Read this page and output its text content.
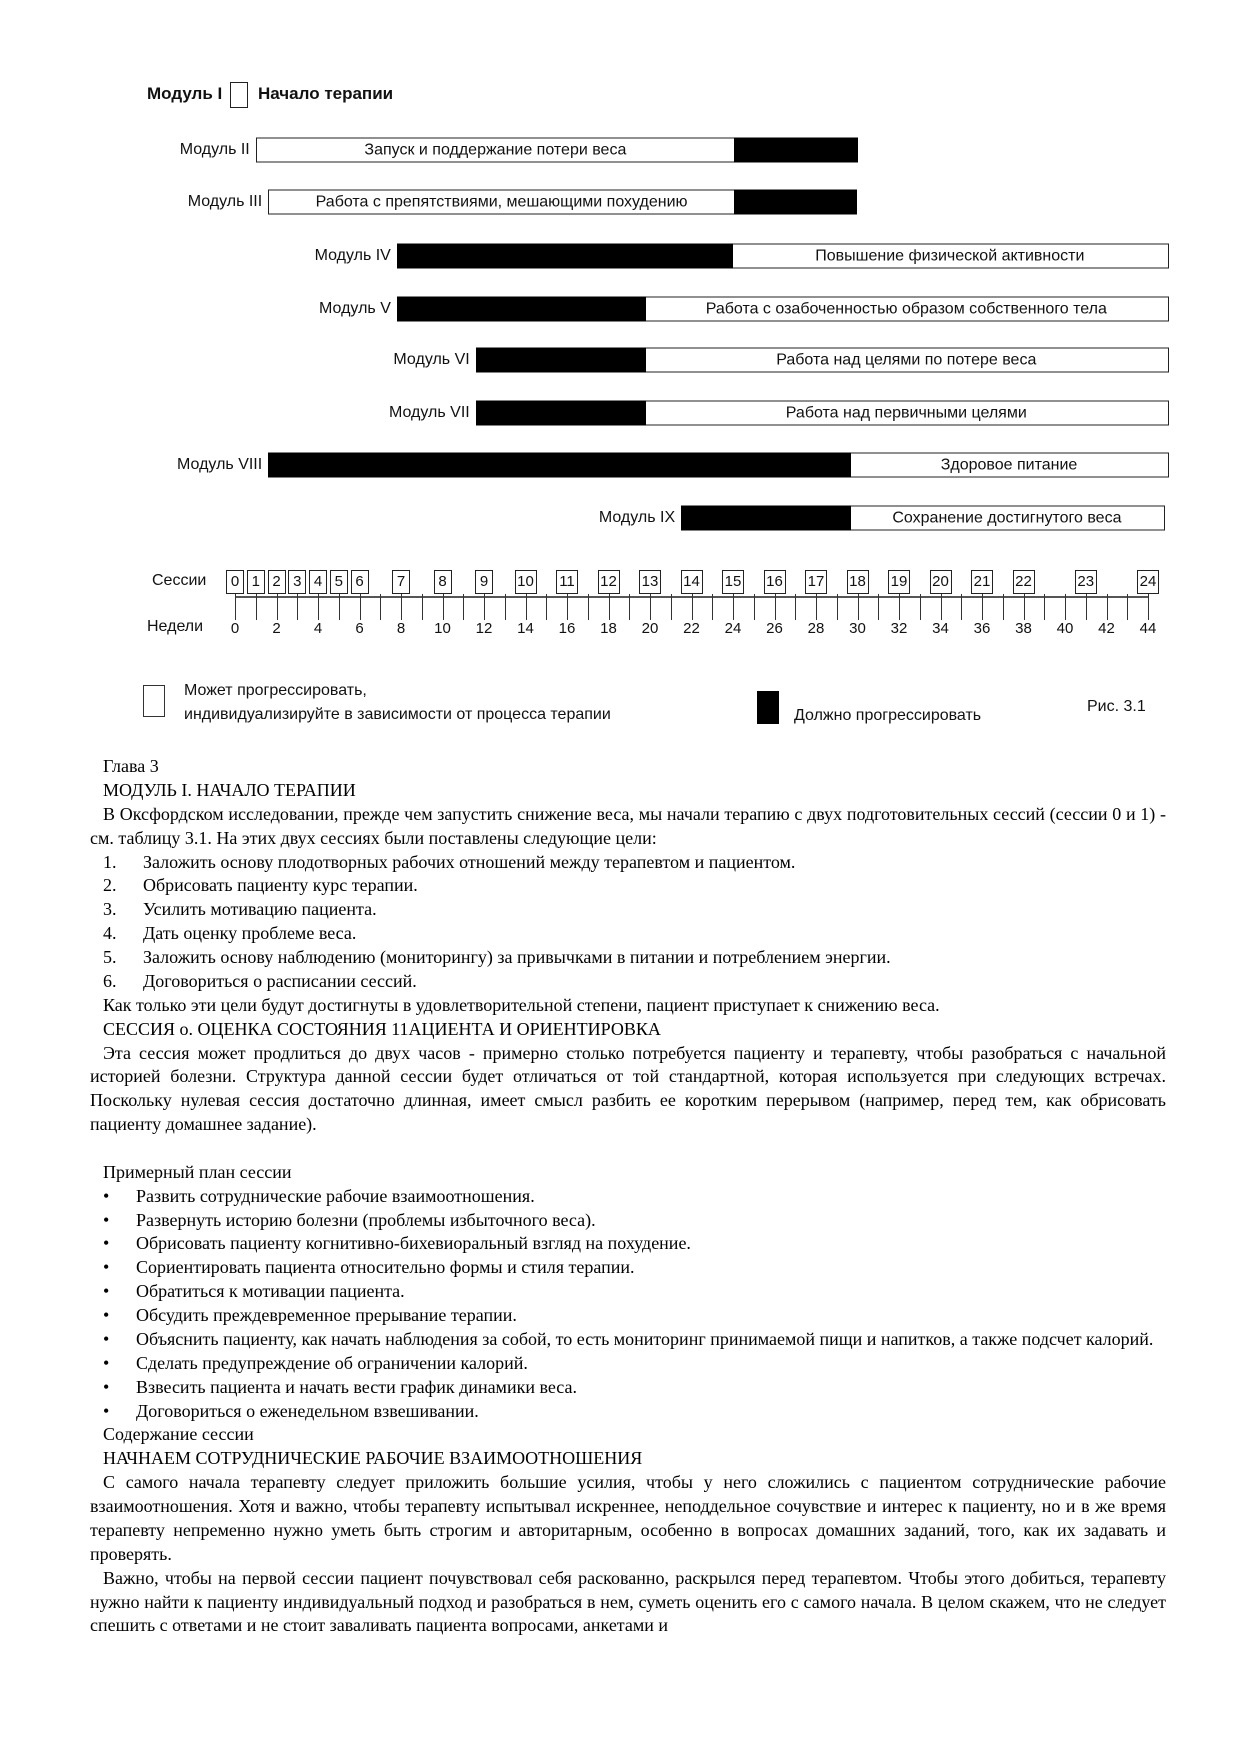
Модуль I Начало терапии
Модуль II	Запуск и поддержание потери веса
Модуль III	Работа с препятствиями, мешающими похудению
Модуль IV	Повышение физической активности
Модуль V	Работа с озабоченностью образом собственного тела
Модуль VI	Работа над целями по потере веса
Модуль VII	Работа над первичными целями
Модуль VIII	Здоровое питание
Модуль IX	Сохранение достигнутого веса
Сессии
Недели
0 1 2 3 4 5 6	7	8	9	10 11 12 13 14 15 16 17 18 19 20 21 22	23	24
0 2 4 6 8 10 12 14 16 18 20 22 24 26 28 30 32 34 36 38 40 42 44
Может прогрессировать,
индивидуализируйте в зависимости от процесса терапии	Должно прогрессировать
Рис. 3.1

Глава 3

МОДУЛЬ I. НАЧАЛО ТЕРАПИИ

В Оксфордском исследовании, прежде чем запустить снижение веса, мы начали терапию с двух подготовительных сессий (сессии 0 и 1) - см. таблицу 3.1. На этих двух сессиях были поставлены следующие цели:

1. Заложить основу плодотворных рабочих отношений между терапевтом и пациентом.

2. Обрисовать пациенту курс терапии.

3. Усилить мотивацию пациента.

4. Дать оценку проблеме веса.

5. Заложить основу наблюдению (мониторингу) за привычками в питании и потреблением энергии.

6. Договориться о расписании сессий.

Как только эти цели будут достигнуты в удовлетворительной степени, пациент приступает к снижению веса.

СЕССИЯ о. ОЦЕНКА СОСТОЯНИЯ 11АЦИЕНТА И ОРИЕНТИРОВКА

Эта сессия может продлиться до двух часов - примерно столько потребуется пациенту и терапевту, чтобы разобраться с начальной историей болезни. Структура данной сессии будет отличаться от той стандартной, которая используется при следующих встречах. Поскольку нулевая сессия достаточно длинная, имеет смысл разбить ее коротким перерывом (например, перед тем, как обрисовать пациенту домашнее задание).

Примерный план сессии

• Развить сотруднические рабочие взаимоотношения.

• Развернуть историю болезни (проблемы избыточного веса).

• Обрисовать пациенту когнитивно-бихевиоральный взгляд на похудение.

• Сориентировать пациента относительно формы и стиля терапии.

• Обратиться к мотивации пациента.

• Обсудить преждевременное прерывание терапии.

• Объяснить пациенту, как начать наблюдения за собой, то есть мониторинг принимаемой пищи и напитков, а также подсчет калорий.

• Сделать предупреждение об ограничении калорий.

• Взвесить пациента и начать вести график динамики веса.

• Договориться о еженедельном взвешивании.

Содержание сессии

НАЧНАЕМ СОТРУДНИЧЕСКИЕ РАБОЧИЕ ВЗАИМООТНОШЕНИЯ

С самого начала терапевту следует приложить большие усилия, чтобы у него сложились с пациентом сотруднические рабочие взаимоотношения. Хотя и важно, чтобы терапевту испытывал искреннее, неподдельное сочувствие и интерес к пациенту, но и в же время терапевту непременно нужно уметь быть строгим и авторитарным, особенно в вопросах домашних заданий, того, как их задавать и проверять.

Важно, чтобы на первой сессии пациент почувствовал себя раскованно, раскрылся перед терапевтом. Чтобы этого добиться, терапевту нужно найти к пациенту индивидуальный подход и разобраться в нем, суметь оценить его с самого начала. В целом скажем, что не следует спешить с ответами и не стоит заваливать пациента вопросами, анкетами и
